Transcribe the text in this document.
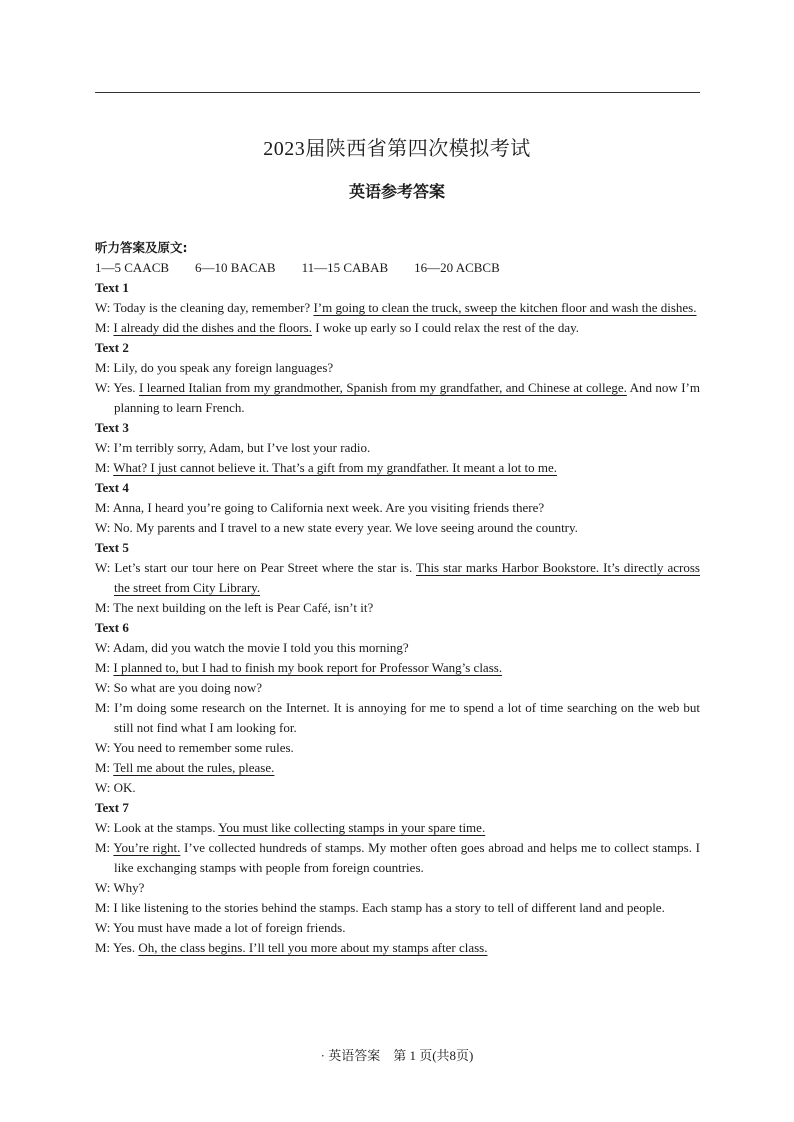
2023届陕西省第四次模拟考试
英语参考答案
听力答案及原文:
1—5 CAACB 6—10 BACAB 11—15 CABAB 16—20 ACBCB
Text 1
W: Today is the cleaning day, remember? I’m going to clean the truck, sweep the kitchen floor and wash the dishes.
M: I already did the dishes and the floors. I woke up early so I could relax the rest of the day.
Text 2
M: Lily, do you speak any foreign languages?
W: Yes. I learned Italian from my grandmother, Spanish from my grandfather, and Chinese at college. And now I’m planning to learn French.
Text 3
W: I’m terribly sorry, Adam, but I’ve lost your radio.
M: What? I just cannot believe it. That’s a gift from my grandfather. It meant a lot to me.
Text 4
M: Anna, I heard you’re going to California next week. Are you visiting friends there?
W: No. My parents and I travel to a new state every year. We love seeing around the country.
Text 5
W: Let’s start our tour here on Pear Street where the star is. This star marks Harbor Bookstore. It’s directly across the street from City Library.
M: The next building on the left is Pear Café, isn’t it?
Text 6
W: Adam, did you watch the movie I told you this morning?
M: I planned to, but I had to finish my book report for Professor Wang’s class.
W: So what are you doing now?
M: I’m doing some research on the Internet. It is annoying for me to spend a lot of time searching on the web but still not find what I am looking for.
W: You need to remember some rules.
M: Tell me about the rules, please.
W: OK.
Text 7
W: Look at the stamps. You must like collecting stamps in your spare time.
M: You’re right. I’ve collected hundreds of stamps. My mother often goes abroad and helps me to collect stamps. I like exchanging stamps with people from foreign countries.
W: Why?
M: I like listening to the stories behind the stamps. Each stamp has a story to tell of different land and people.
W: You must have made a lot of foreign friends.
M: Yes. Oh, the class begins. I’ll tell you more about my stamps after class.
· 英语答案　第 1 页(共8页)
